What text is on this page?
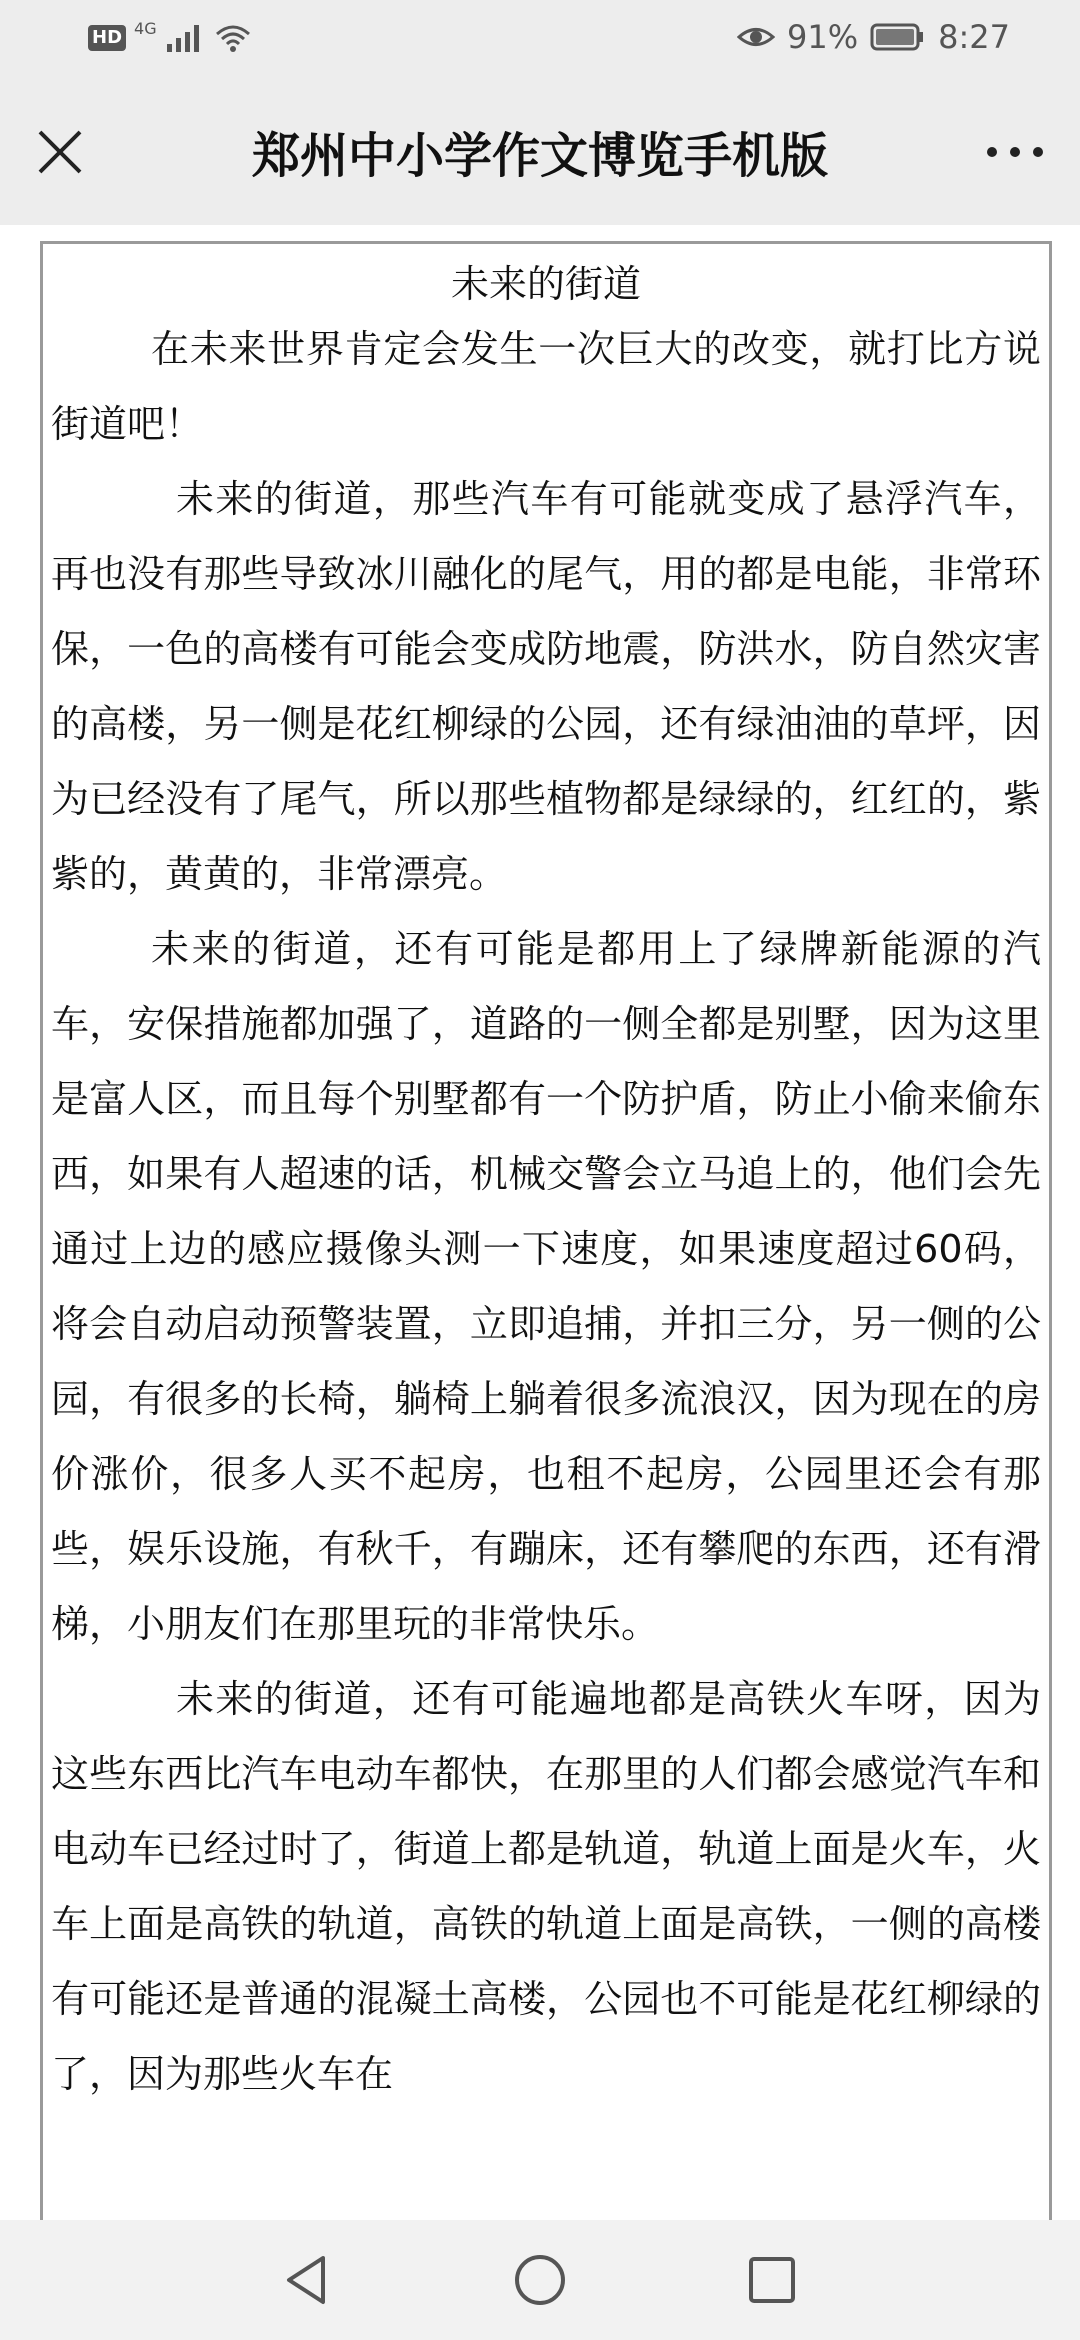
HD 4G	91%	8:27
郑州中小学作文博览手机版
未来的街道

在未来世界肯定会发生一次巨大的改变，就打比方说街道吧！

未来的街道，那些汽车有可能就变成了悬浮汽车，再也没有那些导致冰川融化的尾气，用的都是电能，非常环保，一色的高楼有可能会变成防地震，防洪水，防自然灾害的高楼，另一侧是花红柳绿的公园，还有绿油油的草坪，因为已经没有了尾气，所以那些植物都是绿绿的，红红的，紫紫的，黄黄的，非常漂亮。

未来的街道，还有可能是都用上了绿牌新能源的汽车，安保措施都加强了，道路的一侧全都是别墅，因为这里是富人区，而且每个别墅都有一个防护盾，防止小偷来偷东西，如果有人超速的话，机械交警会立马追上的，他们会先通过上边的感应摄像头测一下速度，如果速度超过60码，将会自动启动预警装置，立即追捕，并扣三分，另一侧的公园，有很多的长椅，躺椅上躺着很多流浪汉，因为现在的房价涨价，很多人买不起房，也租不起房，公园里还会有那些，娱乐设施，有秋千，有蹦床，还有攀爬的东西，还有滑梯，小朋友们在那里玩的非常快乐。

未来的街道，还有可能遍地都是高铁火车呀，因为这些东西比汽车电动车都快，在那里的人们都会感觉汽车和电动车已经过时了，街道上都是轨道，轨道上面是火车，火车上面是高铁的轨道，高铁的轨道上面是高铁，一侧的高楼有可能还是普通的混凝土高楼，公园也不可能是花红柳绿的了，因为那些火车在
